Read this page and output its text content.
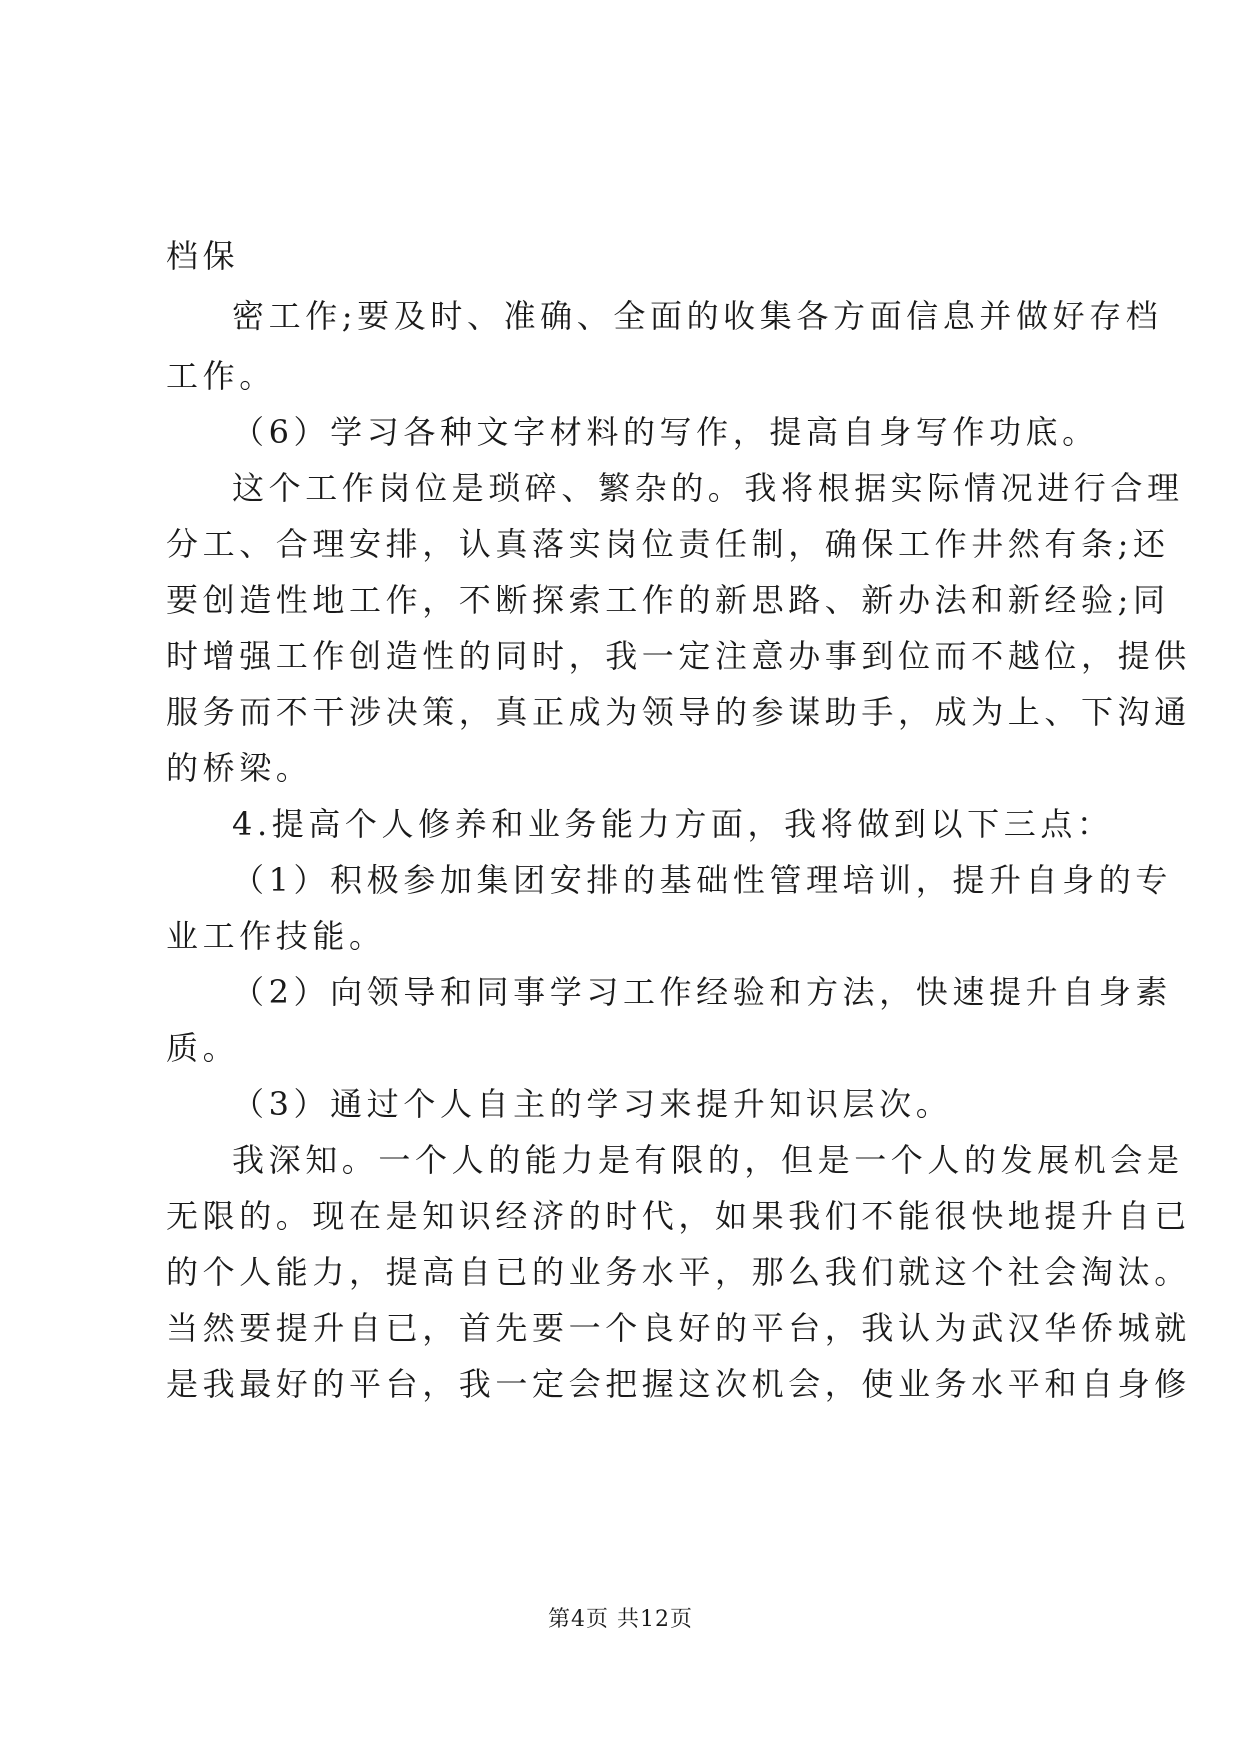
档保
密工作;要及时、准确、全面的收集各方面信息并做好存档
工作。
（6）学习各种文字材料的写作，提高自身写作功底。
这个工作岗位是琐碎、繁杂的。我将根据实际情况进行合理
分工、合理安排，认真落实岗位责任制，确保工作井然有条;还
要创造性地工作，不断探索工作的新思路、新办法和新经验;同
时增强工作创造性的同时，我一定注意办事到位而不越位，提供
服务而不干涉决策，真正成为领导的参谋助手，成为上、下沟通
的桥梁。
4.提高个人修养和业务能力方面，我将做到以下三点：
（1）积极参加集团安排的基础性管理培训，提升自身的专
业工作技能。
（2）向领导和同事学习工作经验和方法，快速提升自身素
质。
（3）通过个人自主的学习来提升知识层次。
我深知。一个人的能力是有限的，但是一个人的发展机会是
无限的。现在是知识经济的时代，如果我们不能很快地提升自已
的个人能力，提高自已的业务水平，那么我们就这个社会淘汰。
当然要提升自已，首先要一个良好的平台，我认为武汉华侨城就
是我最好的平台，我一定会把握这次机会，使业务水平和自身修
第4页 共12页
